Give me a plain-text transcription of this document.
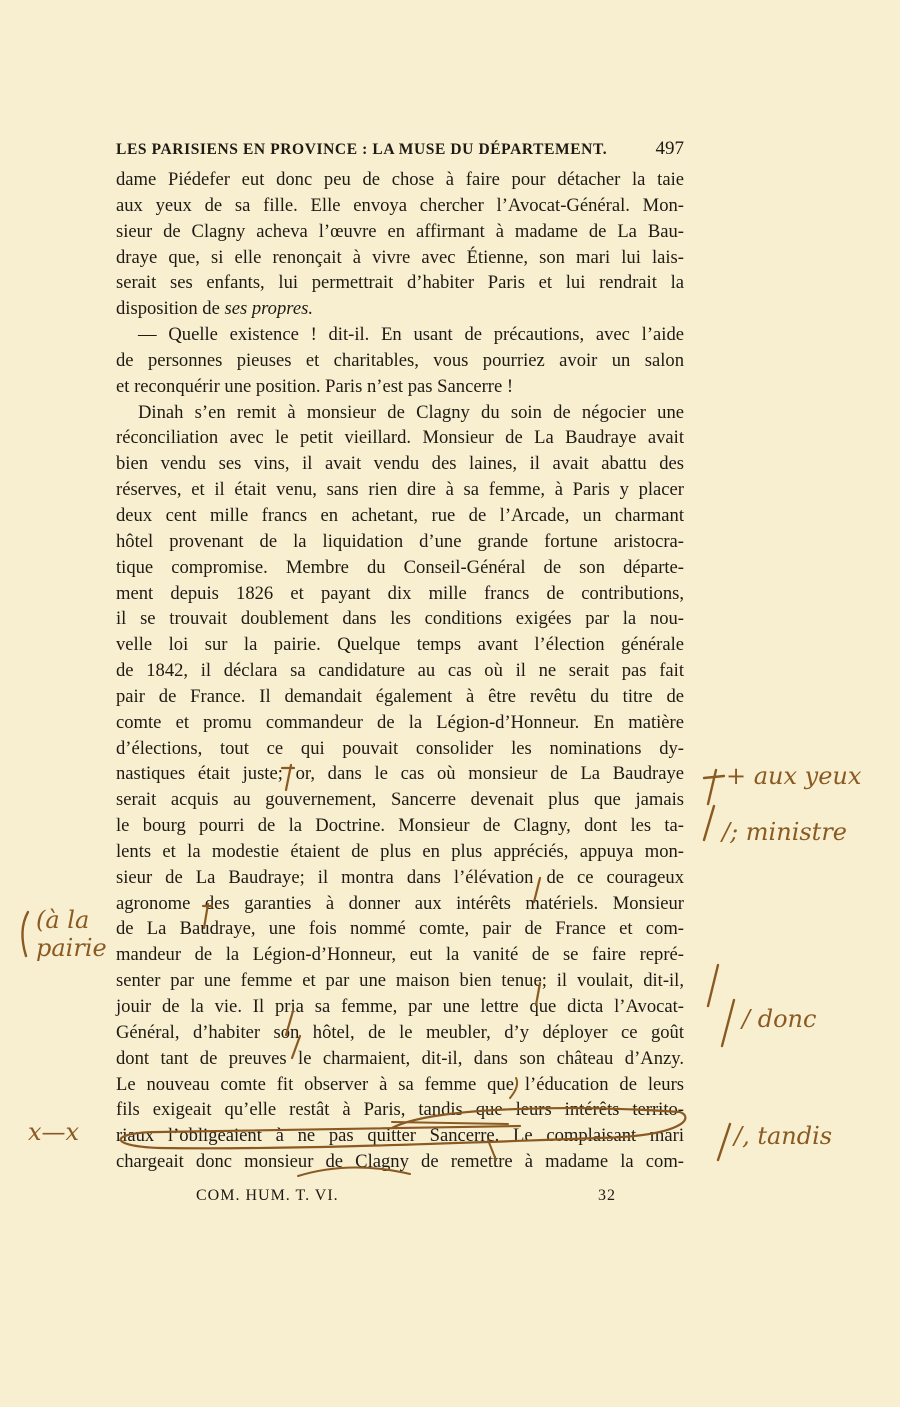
LES PARISIENS EN PROVINCE : LA MUSE DU DÉPARTEMENT.	497
dame Piédefer eut donc peu de chose à faire pour détacher la taie
aux yeux de sa fille. Elle envoya chercher l’Avocat-Général. Mon-
sieur de Clagny acheva l’œuvre en affirmant à madame de La Bau-
draye que, si elle renonçait à vivre avec Étienne, son mari lui lais-
serait ses enfants, lui permettrait d’habiter Paris et lui rendrait la
disposition de ses propres.
— Quelle existence ! dit-il. En usant de précautions, avec l’aide
de personnes pieuses et charitables, vous pourriez avoir un salon
et reconquérir une position. Paris n’est pas Sancerre !
Dinah s’en remit à monsieur de Clagny du soin de négocier une
réconciliation avec le petit vieillard. Monsieur de La Baudraye avait
bien vendu ses vins, il avait vendu des laines, il avait abattu des
réserves, et il était venu, sans rien dire à sa femme, à Paris y placer
deux cent mille francs en achetant, rue de l’Arcade, un charmant
hôtel provenant de la liquidation d’une grande fortune aristocra-
tique compromise. Membre du Conseil-Général de son départe-
ment depuis 1826 et payant dix mille francs de contributions,
il se trouvait doublement dans les conditions exigées par la nou-
velle loi sur la pairie. Quelque temps avant l’élection générale
de 1842, il déclara sa candidature au cas où il ne serait pas fait
pair de France. Il demandait également à être revêtu du titre de
comte et promu commandeur de la Légion-d’Honneur. En matière
d’élections, tout ce qui pouvait consolider les nominations dy-
nastiques était juste; or, dans le cas où monsieur de La Baudraye
serait acquis au gouvernement, Sancerre devenait plus que jamais
le bourg pourri de la Doctrine. Monsieur de Clagny, dont les ta-
lents et la modestie étaient de plus en plus appréciés, appuya mon-
sieur de La Baudraye; il montra dans l’élévation de ce courageux
agronome des garanties à donner aux intérêts matériels. Monsieur
de La Baudraye, une fois nommé comte, pair de France et com-
mandeur de la Légion-d’Honneur, eut la vanité de se faire repré-
senter par une femme et par une maison bien tenue; il voulait, dit-il,
jouir de la vie. Il pria sa femme, par une lettre que dicta l’Avocat-
Général, d’habiter son hôtel, de le meubler, d’y déployer ce goût
dont tant de preuves le charmaient, dit-il, dans son château d’Anzy.
Le nouveau comte fit observer à sa femme que l’éducation de leurs
fils exigeait qu’elle restât à Paris, tandis que leurs intérêts territo-
riaux l’obligeaient à ne pas quitter Sancerre. Le complaisant mari
chargeait donc monsieur de Clagny de remettre à madame la com-
COM. HUM. T. VI.	32
+ aux yeux
/; ministre
/ donc
/, tandis
(à la pairie
x—x
